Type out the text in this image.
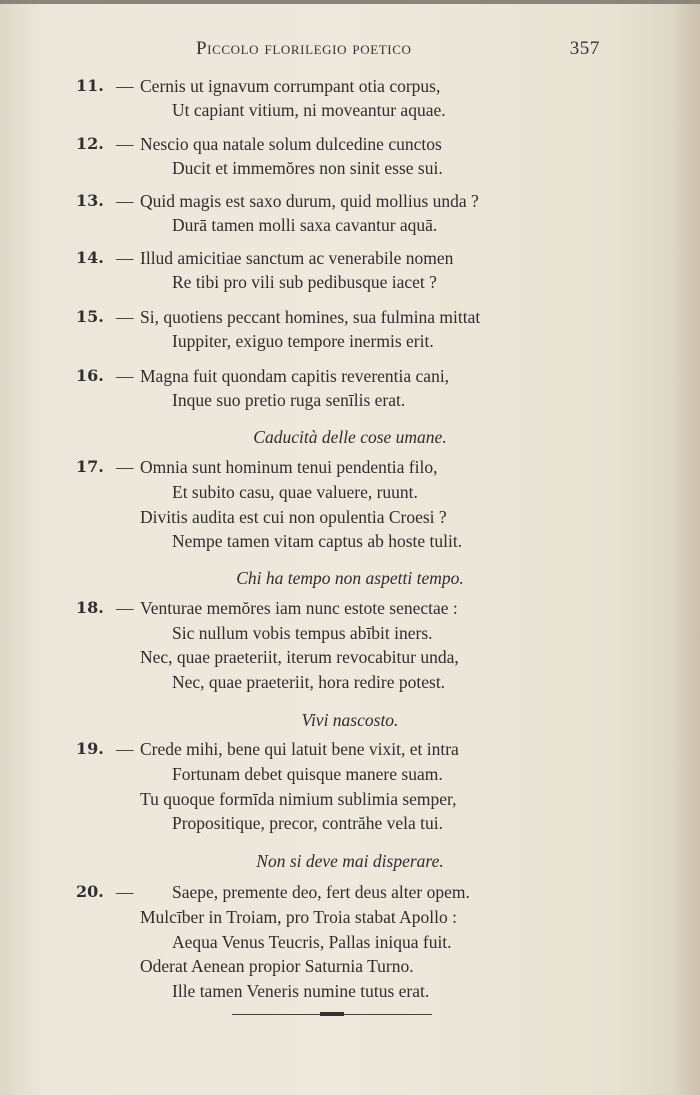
Piccolo florilegio poetico	357
11. — Cernis ut ignavum corrumpant otia corpus,
Ut capiant vitium, ni moveantur aquae.
12. — Nescio qua natale solum dulcedine cunctos
Ducit et immemŏres non sinit esse sui.
13. — Quid magis est saxo durum, quid mollius unda ?
Durā tamen molli saxa cavantur aquā.
14. — Illud amicitiae sanctum ac venerabile nomen
Re tibi pro vili sub pedibusque iacet ?
15. — Si, quotiens peccant homines, sua fulmina mittat
Iuppiter, exiguo tempore inermis erit.
16. — Magna fuit quondam capitis reverentia cani,
Inque suo pretio ruga senīlis erat.
Caducità delle cose umane.
17. — Omnia sunt hominum tenui pendentia filo,
Et subito casu, quae valuere, ruunt.
Divitis audita est cui non opulentia Croesi ?
Nempe tamen vitam captus ab hoste tulit.
Chi ha tempo non aspetti tempo.
18. — Venturae memŏres iam nunc estote senectae :
Sic nullum vobis tempus abībit iners.
Nec, quae praeteriit, iterum revocabitur unda,
Nec, quae praeteriit, hora redire potest.
Vivi nascosto.
19. — Crede mihi, bene qui latuit bene vixit, et intra
Fortunam debet quisque manere suam.
Tu quoque formīda nimium sublimia semper,
Propositique, precor, contrăhe vela tui.
Non si deve mai disperare.
20. — Saepe, premente deo, fert deus alter opem.
Mulcīber in Troiam, pro Troia stabat Apollo :
Aequa Venus Teucris, Pallas iniqua fuit.
Oderat Aenean propior Saturnia Turno.
Ille tamen Veneris numine tutus erat.
